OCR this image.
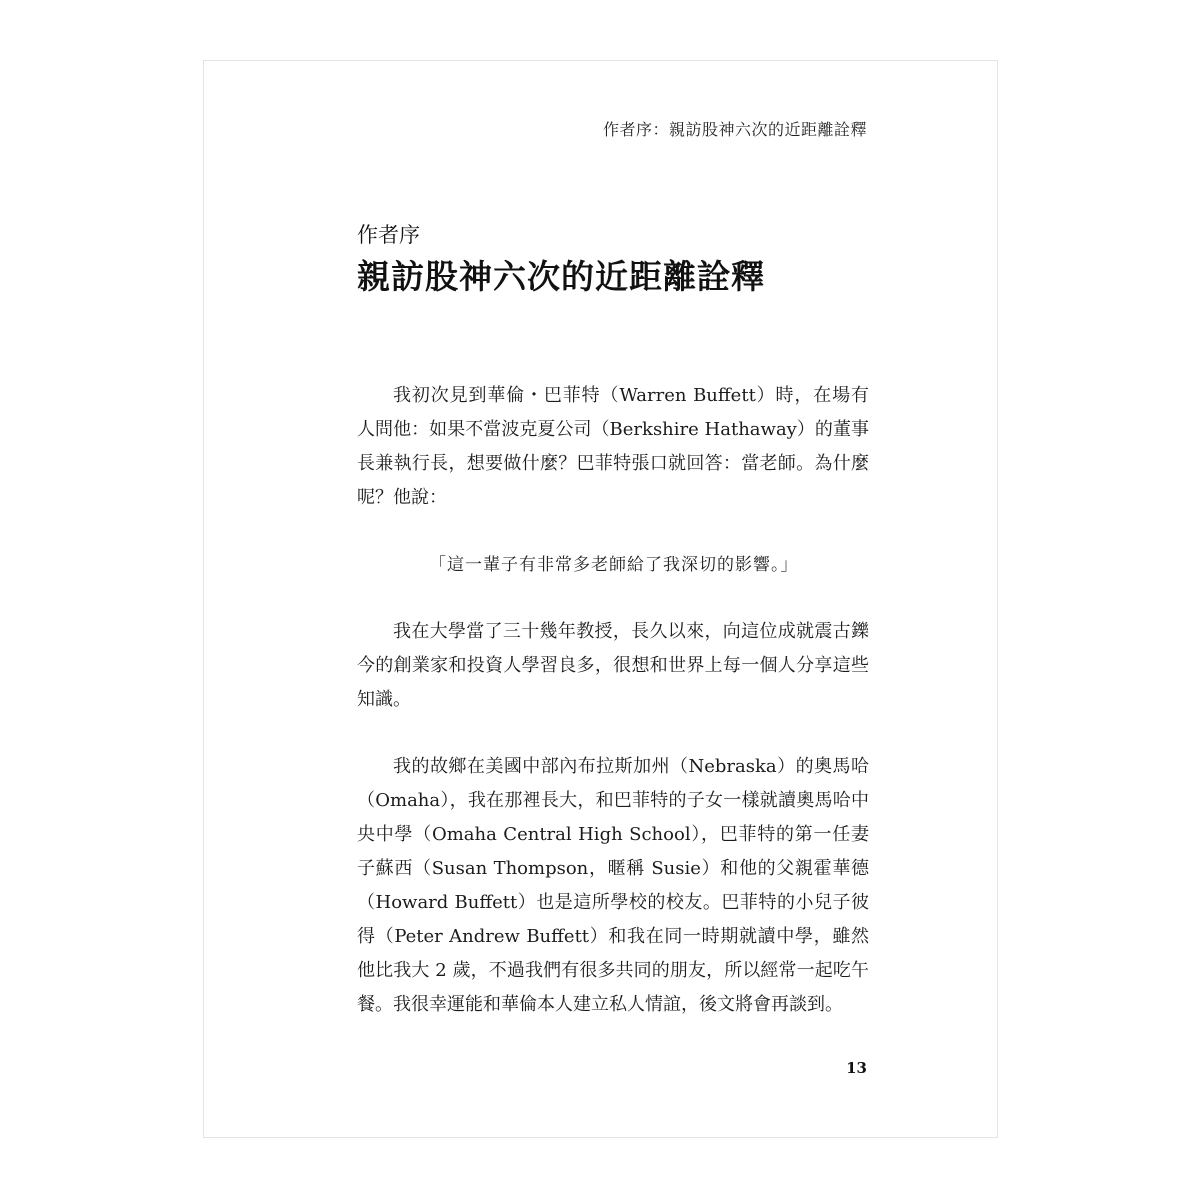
作者序：親訪股神六次的近距離詮釋
作者序
親訪股神六次的近距離詮釋

我初次見到華倫・巴菲特（Warren Buffett）時，在場有人問他：如果不當波克夏公司（Berkshire Hathaway）的董事長兼執行長，想要做什麼？巴菲特張口就回答：當老師。為什麼呢？他說：

「這一輩子有非常多老師給了我深切的影響。」

我在大學當了三十幾年教授，長久以來，向這位成就震古鑠今的創業家和投資人學習良多，很想和世界上每一個人分享這些知識。

我的故鄉在美國中部內布拉斯加州（Nebraska）的奧馬哈（Omaha），我在那裡長大，和巴菲特的子女一樣就讀奧馬哈中央中學（Omaha Central High School），巴菲特的第一任妻子蘇西（Susan Thompson，暱稱 Susie）和他的父親霍華德（Howard Buffett）也是這所學校的校友。巴菲特的小兒子彼得（Peter Andrew Buffett）和我在同一時期就讀中學，雖然他比我大 2 歲，不過我們有很多共同的朋友，所以經常一起吃午餐。我很幸運能和華倫本人建立私人情誼，後文將會再談到。

13
